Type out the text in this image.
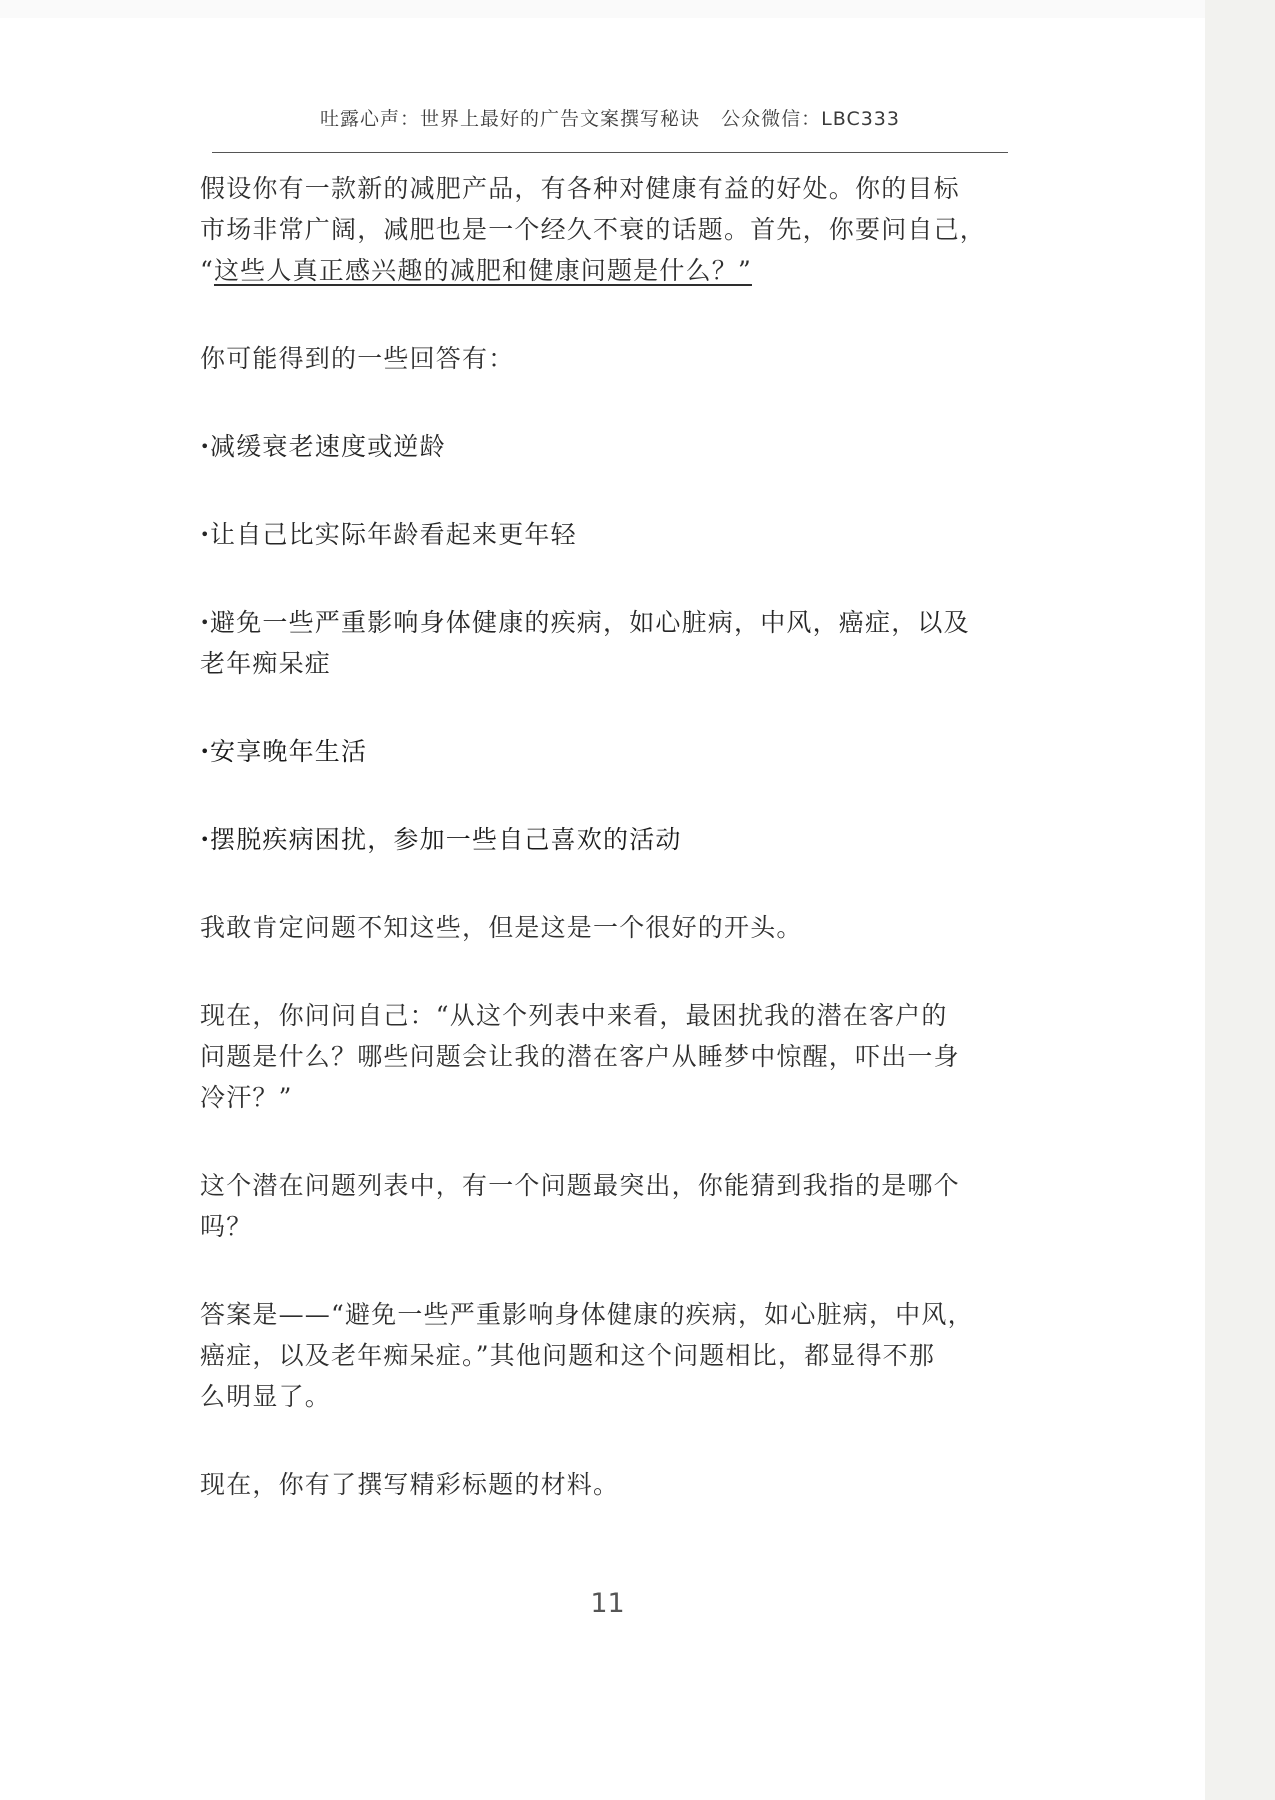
吐露心声：世界上最好的广告文案撰写秘诀 公众微信：LBC333

假设你有一款新的减肥产品，有各种对健康有益的好处。你的目标
市场非常广阔，减肥也是一个经久不衰的话题。首先，你要问自己，
“这些人真正感兴趣的减肥和健康问题是什么？”

你可能得到的一些回答有：

•减缓衰老速度或逆龄

•让自己比实际年龄看起来更年轻

•避免一些严重影响身体健康的疾病，如心脏病，中风，癌症，以及
老年痴呆症

•安享晚年生活

•摆脱疾病困扰，参加一些自己喜欢的活动

我敢肯定问题不知这些，但是这是一个很好的开头。

现在，你问问自己：“从这个列表中来看，最困扰我的潜在客户的
问题是什么？哪些问题会让我的潜在客户从睡梦中惊醒，吓出一身
冷汗？”

这个潜在问题列表中，有一个问题最突出，你能猜到我指的是哪个
吗？

答案是——“避免一些严重影响身体健康的疾病，如心脏病，中风，
癌症，以及老年痴呆症。”其他问题和这个问题相比，都显得不那
么明显了。

现在，你有了撰写精彩标题的材料。

11
